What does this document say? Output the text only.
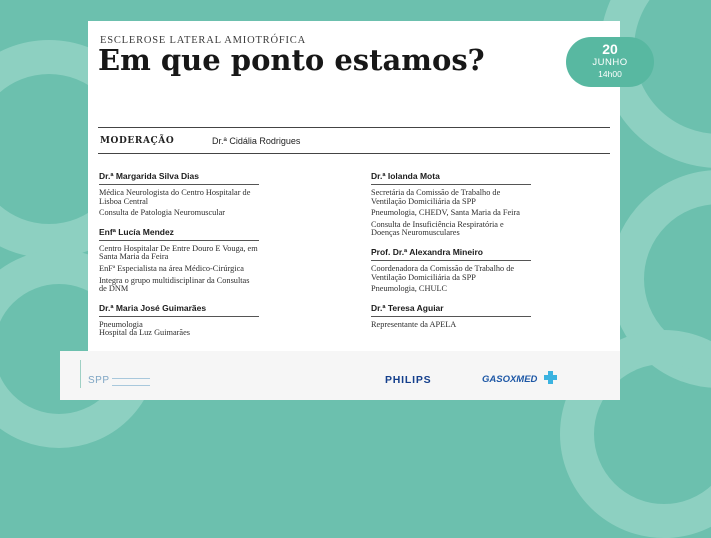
ESCLEROSE LATERAL AMIOTRÓFICA
Em que ponto estamos?
MODERAÇÃO	Dr.ª Cidália Rodrigues
Dr.ª Margarida Silva Dias
Médica Neurologista do Centro Hospitalar de Lisboa Central
Consulta de Patologia Neuromuscular
Enfª Lucía Mendez
Centro Hospitalar De Entre Douro E Vouga, em Santa Maria da Feira
EnFª Especialista na área Médico-Cirúrgica
Integra o grupo multidisciplinar da Consultas de DNM
Dr.ª Maria José Guimarães
Pneumologia
Hospital da Luz Guimarães
Dr.ª Iolanda Mota
Secretária da Comissão de Trabalho de Ventilação Domiciliária da SPP
Pneumologia, CHEDV, Santa Maria da Feira
Consulta de Insuficiência Respiratória e Doenças Neuromusculares
Prof. Dr.ª Alexandra Mineiro
Coordenadora da Comissão de Trabalho de Ventilação Domiciliária da SPP
Pneumologia, CHULC
Dr.ª Teresa Aguiar
Representante da APELA
20
JUNHO
14h00
SPP	PHILIPS	GASOXMED
